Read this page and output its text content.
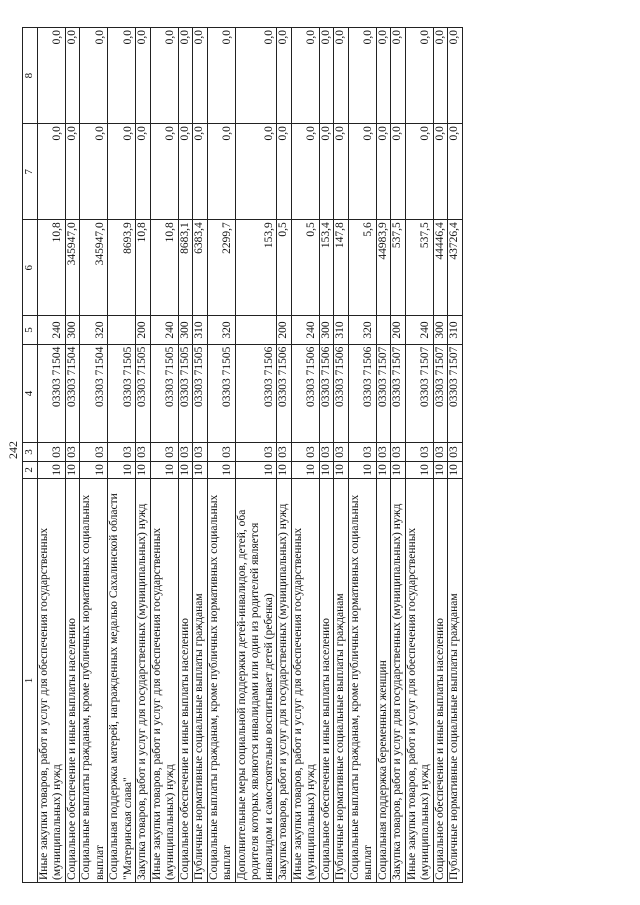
242
1	2	3	4	5	6	7	8
Иные закупки товаров, работ и услуг для обеспечения государственных (муниципальных) нужд	10	03	03303 71504	240	10,8	0,0	0,0
Социальное обеспечение и иные выплаты населению	10	03	03303 71504	300	345947,0	0,0	0,0
Социальные выплаты гражданам, кроме публичных нормативных социальных выплат	10	03	03303 71504	320	345947,0	0,0	0,0
Социальная поддержка матерей, награжденных медалью Сахалинской области "Материнская слава"	10	03	03303 71505		8693,9	0,0	0,0
Закупка товаров, работ и услуг для государственных (муниципальных) нужд	10	03	03303 71505	200	10,8	0,0	0,0
Иные закупки товаров, работ и услуг для обеспечения государственных (муниципальных) нужд	10	03	03303 71505	240	10,8	0,0	0,0
Социальное обеспечение и иные выплаты населению	10	03	03303 71505	300	8683,1	0,0	0,0
Публичные нормативные социальные выплаты гражданам	10	03	03303 71505	310	6383,4	0,0	0,0
Социальные выплаты гражданам, кроме публичных нормативных социальных выплат	10	03	03303 71505	320	2299,7	0,0	0,0
Дополнительные меры социальной поддержки детей-инвалидов, детей, оба родителя которых являются инвалидами или один из родителей является инвалидом и самостоятельно воспитывает детей (ребенка)	10	03	03303 71506		153,9	0,0	0,0
Закупка товаров, работ и услуг для государственных (муниципальных) нужд	10	03	03303 71506	200	0,5	0,0	0,0
Иные закупки товаров, работ и услуг для обеспечения государственных (муниципальных) нужд	10	03	03303 71506	240	0,5	0,0	0,0
Социальное обеспечение и иные выплаты населению	10	03	03303 71506	300	153,4	0,0	0,0
Публичные нормативные социальные выплаты гражданам	10	03	03303 71506	310	147,8	0,0	0,0
Социальные выплаты гражданам, кроме публичных нормативных социальных выплат	10	03	03303 71506	320	5,6	0,0	0,0
Социальная поддержка беременных женщин	10	03	03303 71507		44983,9	0,0	0,0
Закупка товаров, работ и услуг для государственных (муниципальных) нужд	10	03	03303 71507	200	537,5	0,0	0,0
Иные закупки товаров, работ и услуг для обеспечения государственных (муниципальных) нужд	10	03	03303 71507	240	537,5	0,0	0,0
Социальное обеспечение и иные выплаты населению	10	03	03303 71507	300	44446,4	0,0	0,0
Публичные нормативные социальные выплаты гражданам	10	03	03303 71507	310	43726,4	0,0	0,0
